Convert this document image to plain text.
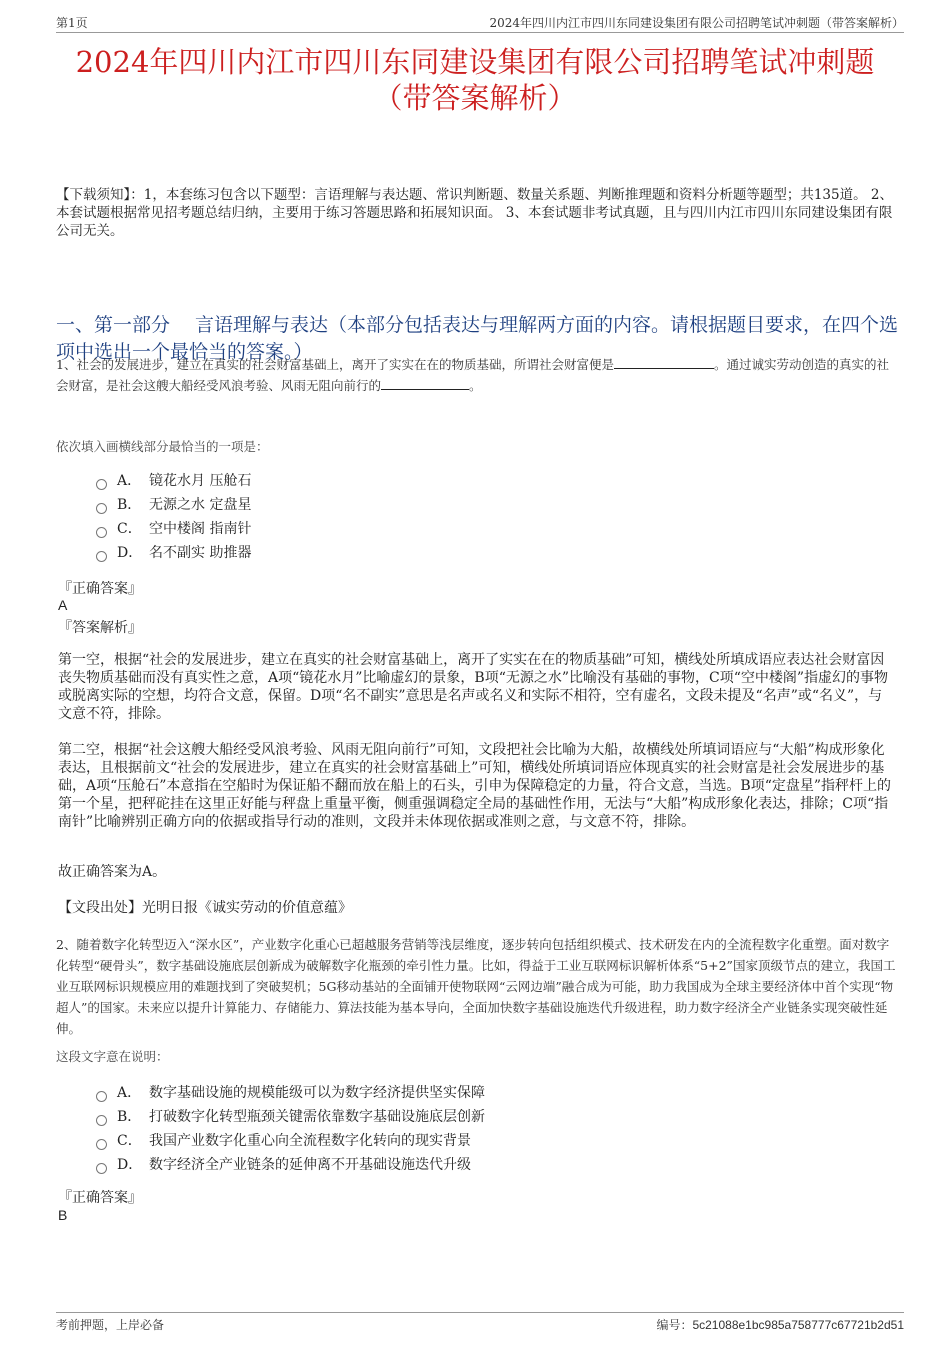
第1页	2024年四川内江市四川东同建设集团有限公司招聘笔试冲刺题（带答案解析）
2024年四川内江市四川东同建设集团有限公司招聘笔试冲刺题
（带答案解析）
【下载须知】：1，本套练习包含以下题型：言语理解与表达题、常识判断题、数量关系题、判断推理题和资料分析题等题型；共135道。 2、本套试题根据常见招考题总结归纳，主要用于练习答题思路和拓展知识面。 3、本套试题非考试真题，且与四川内江市四川东同建设集团有限公司无关。
一、第一部分　 言语理解与表达（本部分包括表达与理解两方面的内容。请根据题目要求，在四个选项中选出一个最恰当的答案。）
1、社会的发展进步，建立在真实的社会财富基础上，离开了实实在在的物质基础，所谓社会财富便是	。通过诚实劳动创造的真实的社会财富，是社会这艘大船经受风浪考验、风雨无阻向前行的	。
依次填入画横线部分最恰当的一项是：
A． 镜花水月 压舱石
B． 无源之水 定盘星
C． 空中楼阁 指南针
D． 名不副实 助推器
『正确答案』
A
『答案解析』
第一空，根据“社会的发展进步，建立在真实的社会财富基础上，离开了实实在在的物质基础”可知，横线处所填成语应表达社会财富因丧失物质基础而没有真实性之意，A项“镜花水月”比喻虚幻的景象，B项“无源之水”比喻没有基础的事物，C项“空中楼阁”指虚幻的事物或脱离实际的空想，均符合文意，保留。D项“名不副实”意思是名声或名义和实际不相符，空有虚名，文段未提及“名声”或“名义”，与文意不符，排除。
第二空，根据“社会这艘大船经受风浪考验、风雨无阻向前行”可知，文段把社会比喻为大船，故横线处所填词语应与“大船”构成形象化表达，且根据前文“社会的发展进步，建立在真实的社会财富基础上”可知，横线处所填词语应体现真实的社会财富是社会发展进步的基础，A项“压舱石”本意指在空船时为保证船不翻而放在船上的石头，引申为保障稳定的力量，符合文意，当选。B项“定盘星”指秤杆上的第一个星，把秤砣挂在这里正好能与秤盘上重量平衡，侧重强调稳定全局的基础性作用，无法与“大船”构成形象化表达，排除；C项“指南针”比喻辨别正确方向的依据或指导行动的准则，文段并未体现依据或准则之意，与文意不符，排除。
故正确答案为A。
【文段出处】光明日报《诚实劳动的价值意蕴》
2、随着数字化转型迈入“深水区”，产业数字化重心已超越服务营销等浅层维度，逐步转向包括组织模式、技术研发在内的全流程数字化重塑。面对数字化转型“硬骨头”，数字基础设施底层创新成为破解数字化瓶颈的牵引性力量。比如，得益于工业互联网标识解析体系“5+2”国家顶级节点的建立，我国工业互联网标识规模应用的难题找到了突破契机；5G移动基站的全面铺开使物联网“云网边端”融合成为可能，助力我国成为全球主要经济体中首个实现“物超人”的国家。未来应以提升计算能力、存储能力、算法技能为基本导向，全面加快数字基础设施迭代升级进程，助力数字经济全产业链条实现突破性延伸。
这段文字意在说明：
A． 数字基础设施的规模能级可以为数字经济提供坚实保障
B． 打破数字化转型瓶颈关键需依靠数字基础设施底层创新
C． 我国产业数字化重心向全流程数字化转向的现实背景
D． 数字经济全产业链条的延伸离不开基础设施迭代升级
『正确答案』
B
考前押题，上岸必备	编号：5c21088e1bc985a758777c67721b2d51
